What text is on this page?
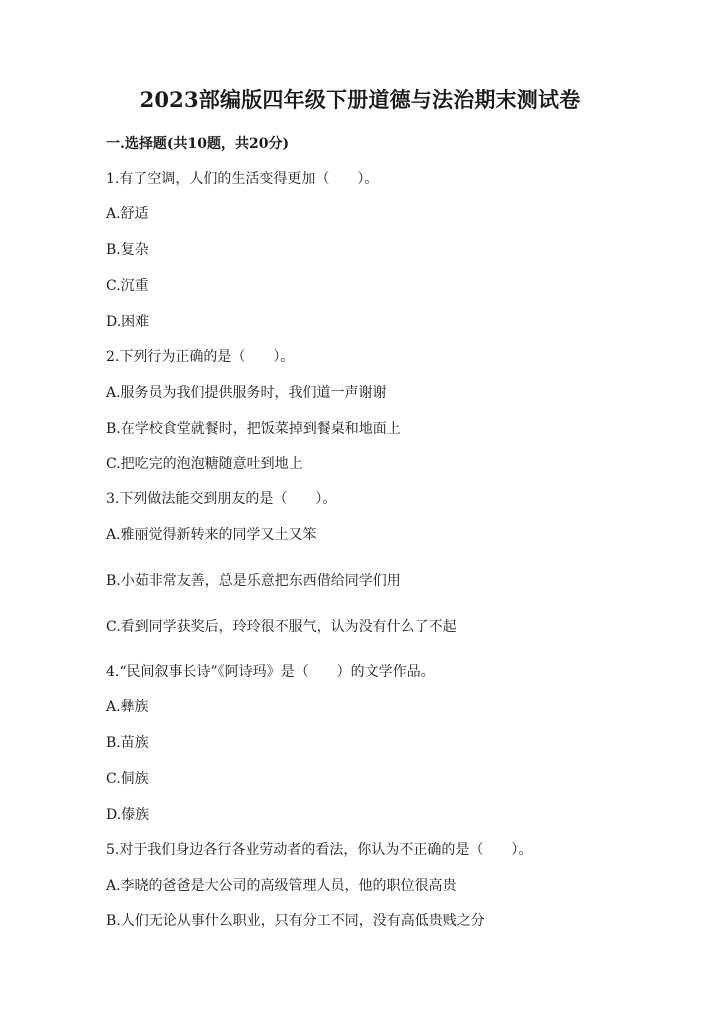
2023部编版四年级下册道德与法治期末测试卷
一.选择题(共10题，共20分)
1.有了空调，人们的生活变得更加（　　）。
A.舒适
B.复杂
C.沉重
D.困难
2.下列行为正确的是（　　）。
A.服务员为我们提供服务时，我们道一声谢谢
B.在学校食堂就餐时，把饭菜掉到餐桌和地面上
C.把吃完的泡泡糖随意吐到地上
3.下列做法能交到朋友的是（　　）。
A.雅丽觉得新转来的同学又土又笨
B.小茹非常友善，总是乐意把东西借给同学们用
C.看到同学获奖后，玲玲很不服气，认为没有什么了不起
4.“民间叙事长诗”《阿诗玛》是（　　）的文学作品。
A.彝族
B.苗族
C.侗族
D.傣族
5.对于我们身边各行各业劳动者的看法，你认为不正确的是（　　）。
A.李晓的爸爸是大公司的高级管理人员，他的职位很高贵
B.人们无论从事什么职业，只有分工不同，没有高低贵贱之分
